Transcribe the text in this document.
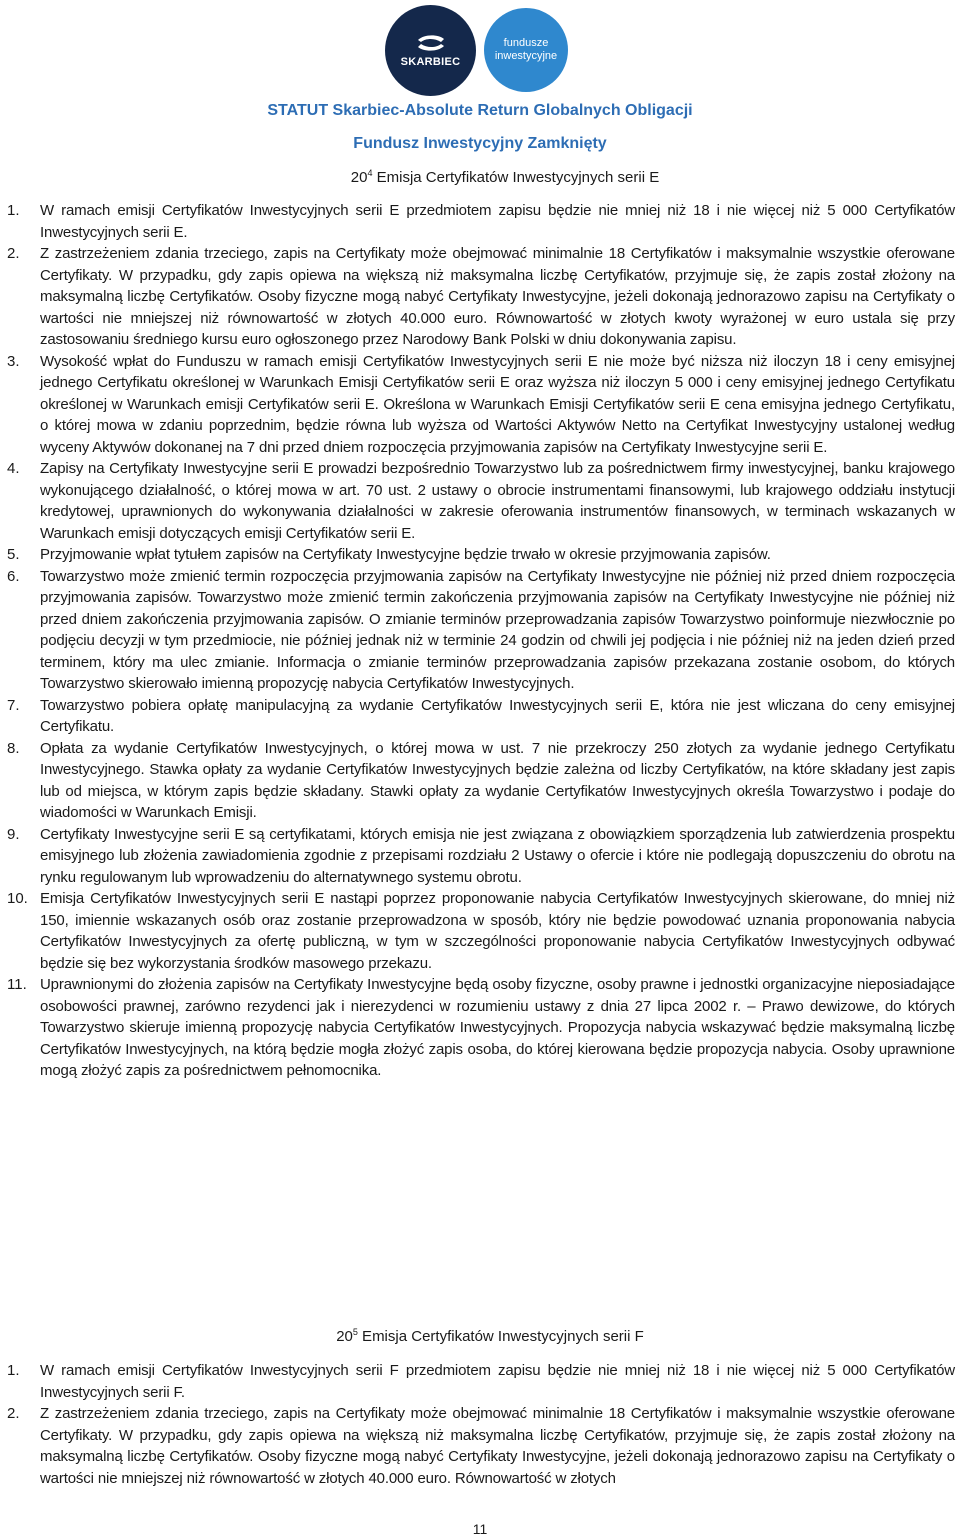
SKARBIEC
fundusze
inwestycyjne
STATUT Skarbiec-Absolute Return Globalnych Obligacji
Fundusz Inwestycyjny Zamknięty
$20^4$ Emisja Certyfikatów Inwestycyjnych serii E
1. W ramach emisji Certyfikatów Inwestycyjnych serii E przedmiotem zapisu będzie nie mniej niż 18 i nie więcej niż 5 000 Certyfikatów Inwestycyjnych serii E.
2. Z zastrzeżeniem zdania trzeciego, zapis na Certyfikaty może obejmować minimalnie 18 Certyfikatów i maksymalnie wszystkie oferowane Certyfikaty. W przypadku, gdy zapis opiewa na większą niż maksymalna liczbę Certyfikatów, przyjmuje się, że zapis został złożony na maksymalną liczbę Certyfikatów. Osoby fizyczne mogą nabyć Certyfikaty Inwestycyjne, jeżeli dokonają jednorazowo zapisu na Certyfikaty o wartości nie mniejszej niż równowartość w złotych 40.000 euro. Równowartość w złotych kwoty wyrażonej w euro ustala się przy zastosowaniu średniego kursu euro ogłoszonego przez Narodowy Bank Polski w dniu dokonywania zapisu.
3. Wysokość wpłat do Funduszu w ramach emisji Certyfikatów Inwestycyjnych serii E nie może być niższa niż iloczyn 18 i ceny emisyjnej jednego Certyfikatu określonej w Warunkach Emisji Certyfikatów serii E oraz wyższa niż iloczyn 5 000 i ceny emisyjnej jednego Certyfikatu określonej w Warunkach emisji Certyfikatów serii E. Określona w Warunkach Emisji Certyfikatów serii E cena emisyjna jednego Certyfikatu, o której mowa w zdaniu poprzednim, będzie równa lub wyższa od Wartości Aktywów Netto na Certyfikat Inwestycyjny ustalonej według wyceny Aktywów dokonanej na 7 dni przed dniem rozpoczęcia przyjmowania zapisów na Certyfikaty Inwestycyjne serii E.
4. Zapisy na Certyfikaty Inwestycyjne serii E prowadzi bezpośrednio Towarzystwo lub za pośrednictwem firmy inwestycyjnej, banku krajowego wykonującego działalność, o której mowa w art. 70 ust. 2 ustawy o obrocie instrumentami finansowymi, lub krajowego oddziału instytucji kredytowej, uprawnionych do wykonywania działalności w zakresie oferowania instrumentów finansowych, w terminach wskazanych w Warunkach emisji dotyczących emisji Certyfikatów serii E.
5. Przyjmowanie wpłat tytułem zapisów na Certyfikaty Inwestycyjne będzie trwało w okresie przyjmowania zapisów.
6. Towarzystwo może zmienić termin rozpoczęcia przyjmowania zapisów na Certyfikaty Inwestycyjne nie później niż przed dniem rozpoczęcia przyjmowania zapisów. Towarzystwo może zmienić termin zakończenia przyjmowania zapisów na Certyfikaty Inwestycyjne nie później niż przed dniem zakończenia przyjmowania zapisów. O zmianie terminów przeprowadzania zapisów Towarzystwo poinformuje niezwłocznie po podjęciu decyzji w tym przedmiocie, nie później jednak niż w terminie 24 godzin od chwili jej podjęcia i nie później niż na jeden dzień przed terminem, który ma ulec zmianie. Informacja o zmianie terminów przeprowadzania zapisów przekazana zostanie osobom, do których Towarzystwo skierowało imienną propozycję nabycia Certyfikatów Inwestycyjnych.
7. Towarzystwo pobiera opłatę manipulacyjną za wydanie Certyfikatów Inwestycyjnych serii E, która nie jest wliczana do ceny emisyjnej Certyfikatu.
8. Opłata za wydanie Certyfikatów Inwestycyjnych, o której mowa w ust. 7 nie przekroczy 250 złotych za wydanie jednego Certyfikatu Inwestycyjnego. Stawka opłaty za wydanie Certyfikatów Inwestycyjnych będzie zależna od liczby Certyfikatów, na które składany jest zapis lub od miejsca, w którym zapis będzie składany. Stawki opłaty za wydanie Certyfikatów Inwestycyjnych określa Towarzystwo i podaje do wiadomości w Warunkach Emisji.
9. Certyfikaty Inwestycyjne serii E są certyfikatami, których emisja nie jest związana z obowiązkiem sporządzenia lub zatwierdzenia prospektu emisyjnego lub złożenia zawiadomienia zgodnie z przepisami rozdziału 2 Ustawy o ofercie i które nie podlegają dopuszczeniu do obrotu na rynku regulowanym lub wprowadzeniu do alternatywnego systemu obrotu.
10. Emisja Certyfikatów Inwestycyjnych serii E nastąpi poprzez proponowanie nabycia Certyfikatów Inwestycyjnych skierowane, do mniej niż 150, imiennie wskazanych osób oraz zostanie przeprowadzona w sposób, który nie będzie powodować uznania proponowania nabycia Certyfikatów Inwestycyjnych za ofertę publiczną, w tym w szczególności proponowanie nabycia Certyfikatów Inwestycyjnych odbywać będzie się bez wykorzystania środków masowego przekazu.
11. Uprawnionymi do złożenia zapisów na Certyfikaty Inwestycyjne będą osoby fizyczne, osoby prawne i jednostki organizacyjne nieposiadające osobowości prawnej, zarówno rezydenci jak i nierezydenci w rozumieniu ustawy z dnia 27 lipca 2002 r. – Prawo dewizowe, do których Towarzystwo skieruje imienną propozycję nabycia Certyfikatów Inwestycyjnych. Propozycja nabycia wskazywać będzie maksymalną liczbę Certyfikatów Inwestycyjnych, na którą będzie mogła złożyć zapis osoba, do której kierowana będzie propozycja nabycia. Osoby uprawnione mogą złożyć zapis za pośrednictwem pełnomocnika.
$20^5$ Emisja Certyfikatów Inwestycyjnych serii F
1. W ramach emisji Certyfikatów Inwestycyjnych serii F przedmiotem zapisu będzie nie mniej niż 18 i nie więcej niż 5 000 Certyfikatów Inwestycyjnych serii F.
2. Z zastrzeżeniem zdania trzeciego, zapis na Certyfikaty może obejmować minimalnie 18 Certyfikatów i maksymalnie wszystkie oferowane Certyfikaty. W przypadku, gdy zapis opiewa na większą niż maksymalna liczbę Certyfikatów, przyjmuje się, że zapis został złożony na maksymalną liczbę Certyfikatów. Osoby fizyczne mogą nabyć Certyfikaty Inwestycyjne, jeżeli dokonają jednorazowo zapisu na Certyfikaty o wartości nie mniejszej niż równowartość w złotych 40.000 euro. Równowartość w złotych
11
